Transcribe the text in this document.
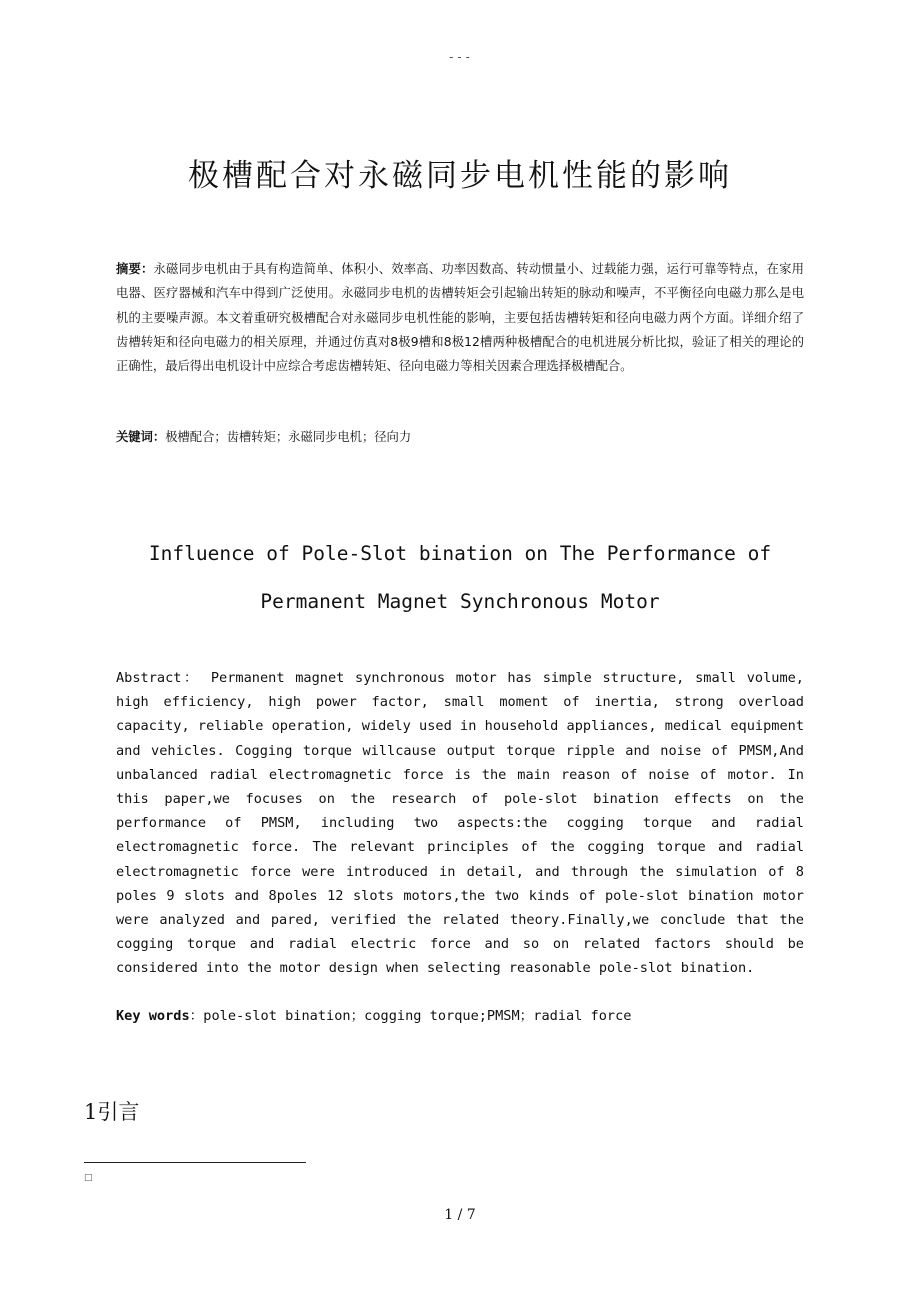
---
极槽配合对永磁同步电机性能的影响
摘要：永磁同步电机由于具有构造简单、体积小、效率高、功率因数高、转动惯量小、过载能力强，运行可靠等特点，在家用电器、医疗器械和汽车中得到广泛使用。永磁同步电机的齿槽转矩会引起输出转矩的脉动和噪声，不平衡径向电磁力那么是电机的主要噪声源。本文着重研究极槽配合对永磁同步电机性能的影响，主要包括齿槽转矩和径向电磁力两个方面。详细介绍了齿槽转矩和径向电磁力的相关原理，并通过仿真对8极9槽和8极12槽两种极槽配合的电机进展分析比拟，验证了相关的理论的正确性，最后得出电机设计中应综合考虑齿槽转矩、径向电磁力等相关因素合理选择极槽配合。
关键词：极槽配合；齿槽转矩；永磁同步电机；径向力
Influence of Pole-Slot bination on The Performance of Permanent Magnet Synchronous Motor
Abstract： Permanent magnet synchronous motor has simple structure, small volume, high efficiency, high power factor, small moment of inertia, strong overload capacity, reliable operation, widely used in household appliances, medical equipment and vehicles. Cogging torque willcause output torque ripple and noise of PMSM,And unbalanced radial electromagnetic force is the main reason of noise of motor. In this paper,we focuses on the research of pole-slot bination effects on the performance of PMSM, including two aspects:the cogging torque and radial electromagnetic force. The relevant principles of the cogging torque and radial electromagnetic force were introduced in detail, and through the simulation of 8 poles 9 slots and 8poles 12 slots motors,the two kinds of pole-slot bination motor were analyzed and pared, verified the related theory.Finally,we conclude that the cogging torque and radial electric force and so on related factors should be considered into the motor design when selecting reasonable pole-slot bination.
Key words：pole-slot bination；cogging torque;PMSM；radial force
1引言
□
1 / 7
